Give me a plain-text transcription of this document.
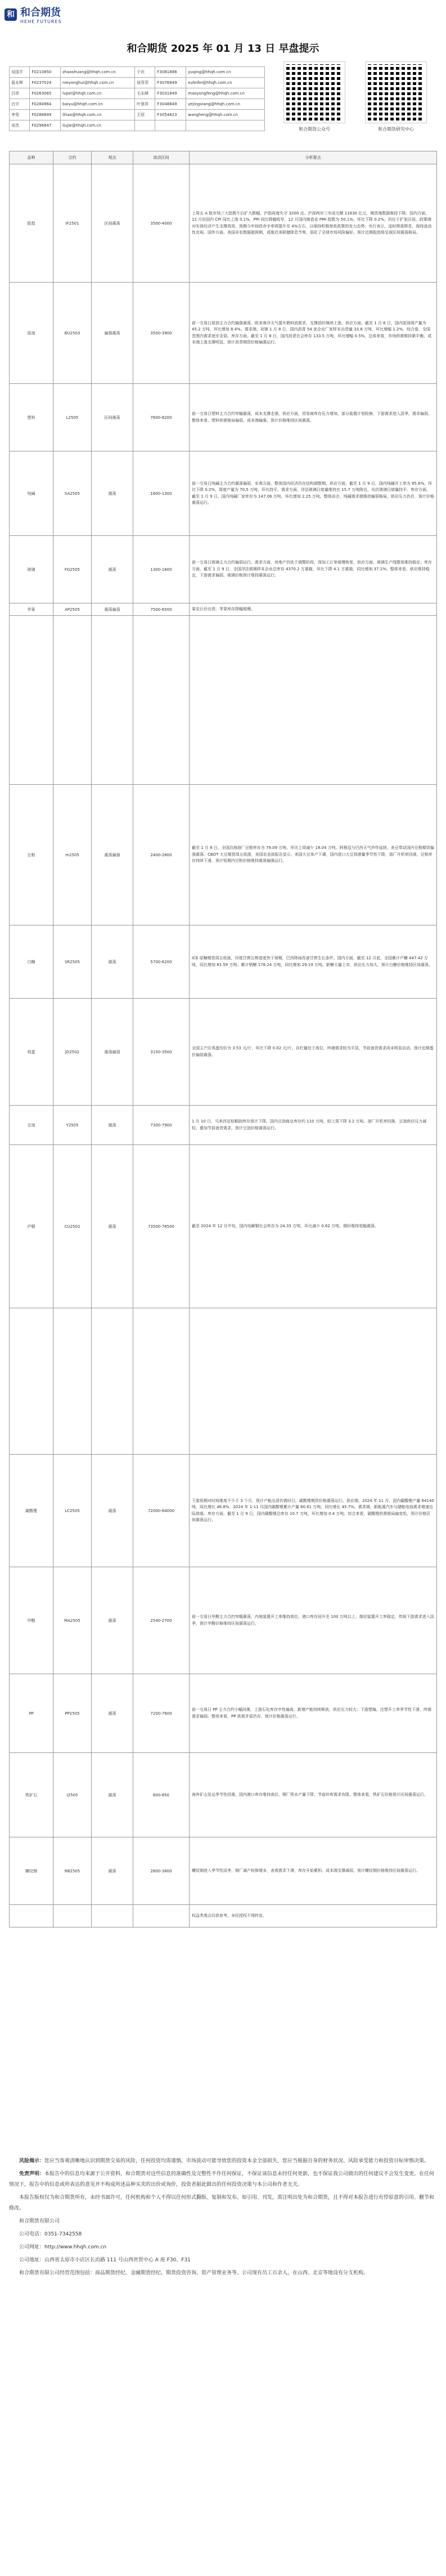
和 和合期货
HEHE FUTURES
和合期货 2025 年 01 月 13 日 早盘提示
吴国平	F0210850	zhaoshuang@hhqh.com.cn	于庆	F3081888	yuqing@hhqh.com.cn
聂永辉	F0237024	nieyonghui@hhqh.com.cn	徐菲菲	F3076849	xufeifei@hhqh.com.cn
吕沛	F0263065	lvpei@hhqh.com.cn	毛永峰	F3031849	maoyongfeng@hhqh.com.cn
白宇	F0284964	baiyu@hhqh.com.cn	叶景祥	F3048849	yejingxiang@hhqh.com.cn
李昊	F0286849	lihao@hhqh.com.cn	王恒	F3054823	wangheng@hhqh.com.cn
刘杰	F0296847	liujie@hhqh.com.cn			
和合期货公众号	和合期货研究中心
品种	合约	观点	波动区间	分析要点
股指	IF2501	区间震荡	3500-4000	上周五 A 股市场三大指数午后扩大跌幅，沪指再度失守 3200 点。沪深两市三市成交额 11630 亿元，期货端数据维持下降。国内方面，12 月份国内 CPI 同比上涨 0.1%，PPI 同比降幅收窄，12 月国内制造业 PMI 指数为 50.1%，环比下降 0.2%，仍位于扩张区间，政策端对实体经济产生支撑效用。预期今年财政赤字率将提升至 4%左右，以保持积极财政政策的发力态势；央行表示，适时降准降息，保持流动性充裕。国外方面，美国非农数据超预期，或推迟美联储降息节奏，弱化了全球市场风险偏好。预计近期股指将呈现区间震荡格局。
原油	BU2503	偏强震荡	3500-3900	前一交易日原油主力合约偏强震荡，欧美寒冷天气提升燃料油需求，支撑油价继续上涨。供应方面，截至 1 月 6 日，国内原油周产量为 45.2 万吨，环比增加 8.4%。需求端，初第 1 月 8 日，国内沥青 54 家企业厂家样本出货量 33.8 万吨，环比增幅 1.2%，综合看，全国范围内需求逐步走弱，库存方面，截至 1 月 8 日，国内沥青社会库存 133.5 万吨，环比增幅 0.5%，总体来看，市场供需维持紧平衡，成本端上涨支撑明显，预计沥青期货价格偏强运行。
塑料	L2505	区间震荡	7600-8200	前一交易日塑料主力合约窄幅震荡，成本支撑走强，供应方面，贸易商库存压力增加，部分装置计划检修，下游需求进入淡季，需求偏弱，整体来看，塑料供需格局偏弱，成本端偏强，预计价格维持区间震荡。
纯碱	SA2505	震荡	1600-1300	前一交易日纯碱主力合约震荡偏弱，宏观方面，整体国内经济仍在结构调整期。供应方面，截至 1 月 9 日，国内纯碱开工率为 85.6%，环比下降 0.2%，周度产量为 70.5 万吨，环比持平。需求方面，浮法玻璃日熔量维持在 15.7 万吨附近，光伏玻璃日熔量持平。库存方面，截至 1 月 9 日，国内纯碱厂家库存为 147.06 万吨，环比增加 2.25 万吨。整体而言，纯碱需求端维持偏弱格局，供应压力仍存，预计价格震荡运行。
玻璃	FG2505	震荡	1300-1600	前一交易日玻璃主力合约偏弱运行。需求方面，房地产仍处于调整阶段，深加工订单缓慢恢复，供应方面，玻璃生产线整体维持稳定；库存方面，截至 1 月 9 日，全国浮法玻璃样本企业总库存 4370.2 万重箱，环比下降 4.1 万重箱，同比增加 37.1%。整体来看，供应维持稳定，下游需求偏弱，玻璃价格预计维持震荡运行。
苹果	AP2505	震荡偏弱	7500-6500	果农让价出货，苹果库存降幅缓慢。

豆粕	m2505	震荡偏强	2400-2800	截至 1 月 8 日，全国沿海油厂豆粕库存为 79.09 万吨，环比上周减少 18.04 万吨。阿根廷与巴西天气炒作延续，美豆带动国内豆粕期货偏强震荡。CBOT 大豆期货周五收涨，美国农业部报告显示，美国大豆单产下调，国内进口大豆到港量季节性下降，油厂开机率回落，豆粕库存持续下滑，预计短期内豆粕价格维持震荡偏强运行。
白糖	SR2505	震荡	5700-6200	ICE 原糖期货周五收涨，印度甘蔗压榨进度快于预期，巴西降雨改善甘蔗生长条件。国内方面，截至 12 月底，全国累计产糖 447.42 万吨，同比增加 81.59 万吨；累计销糖 178.24 万吨，同比增加 29.19 万吨。新糖大量上市，供应压力加大，预计白糖价格维持区间震荡。
鸡蛋	JD2502	震荡偏弱	3150-3500	全国主产区鸡蛋均价为 3.53 元/斤，环比下降 0.02 元/斤，存栏量处于高位，终端需求较为平淡，节前备货需求尚未明显启动。预计近期蛋价偏弱震荡。
豆油	Y2505	震荡	7300-7900	1 月 10 日，马来西亚棕榈油库存预计下降。国内豆油商业库存约 110 万吨，较上周下降 3.2 万吨。油厂开机率回落，豆油供应压力减轻，叠加节前备货需求，预计豆油价格震荡运行。
沪铜	CU2502	震荡	73500-76500	截至 2024 年 12 月中旬，国内电解铜社会库存为 24.33 万吨，环比减少 0.62 万吨，铜价维持宽幅震荡。

碳酸锂	LC2505	震荡	72000-84000	下游预期对时间维度不少于 3 个月，预计产能出清仍需时日。碳酸锂期货价格震荡运行。供应端，2024 年 11 月，国内碳酸锂产量 64140 吨，同比增长 48.8%，2024 年 1-11 月国内碳酸锂累计产量 60.61 万吨，同比增长 45.7%。需求端，新能源汽车与储能电池需求增速边际放缓。库存方面，截至 1 月 9 日，国内碳酸锂总库存 10.7 万吨，环比增加 0.4 万吨。综合来看，碳酸锂供需格局偏宽松，预计价格区间震荡运行。
甲醇	MA2505	震荡	2540-2700	前一交易日甲醇主力合约窄幅震荡，内地装置开工率维持高位，港口库存回升至 100 万吨以上，烯烃装置开工率稳定，传统下游需求进入淡季，预计甲醇价格维持区间震荡运行。
PP	PP2505	震荡	7200-7600	前一交易日 PP 主力合约小幅回落，上游石化库存中性偏高，新增产能持续释放，供应压力较大；下游塑编、注塑开工率季节性下滑，终端需求偏弱。整体来看，PP 供需矛盾仍存，预计价格震荡运行。
铁矿石	I2505	震荡	600-850	海外矿山发运季节性回落，国内港口库存维持高位，钢厂铁水产量下降，节前补库需求有限。整体来看，铁矿石价格预计区间震荡运行。
螺纹钢	RB2505	震荡	2800-3800	螺纹钢进入季节性淡季，钢厂减产检修增多，表观需求下滑，库存开始累积。成本端支撑减弱，预计螺纹钢价格维持区间震荡运行。
				权益类观点仅供参考，未经授权不得转发。

风险揭示：您应当客观清晰地认识到期货交易的风险，任何投资均需谨慎。市场波动可能导致您的投资本金全部损失，您应当根据自身的财务状况、风险承受能力和投资目标审慎决策。

免责声明：本报告中的信息均来源于公开资料，和合期货对这些信息的准确性及完整性不作任何保证，不保证该信息未经任何更新，也不保证我公司做出的任何建议不会发生变更。在任何情况下，报告中的信息或所表达的意见并不构成所述品种买卖的出价或询价，投资者据此做出的任何投资决策与本公司和作者无关。

本报告版权仅为和合期货所有，未经书面许可，任何机构和个人不得以任何形式翻版、复制和发布。如引用、刊发，需注明出处为和合期货，且不得对本报告进行有悖原意的引用、删节和修改。

和合期货有限公司

公司电话：0351-7342558

公司网址：http://www.hhqh.com.cn

公司地址：山西省太原市小店区长治路 111 号山西世贸中心 A 座 F30、F31

和合期货有限公司经营范围包括：商品期货经纪、金融期货经纪、期货投资咨询、资产管理业务等。公司现有员工百余人，在山西、北京等地设有分支机构。
